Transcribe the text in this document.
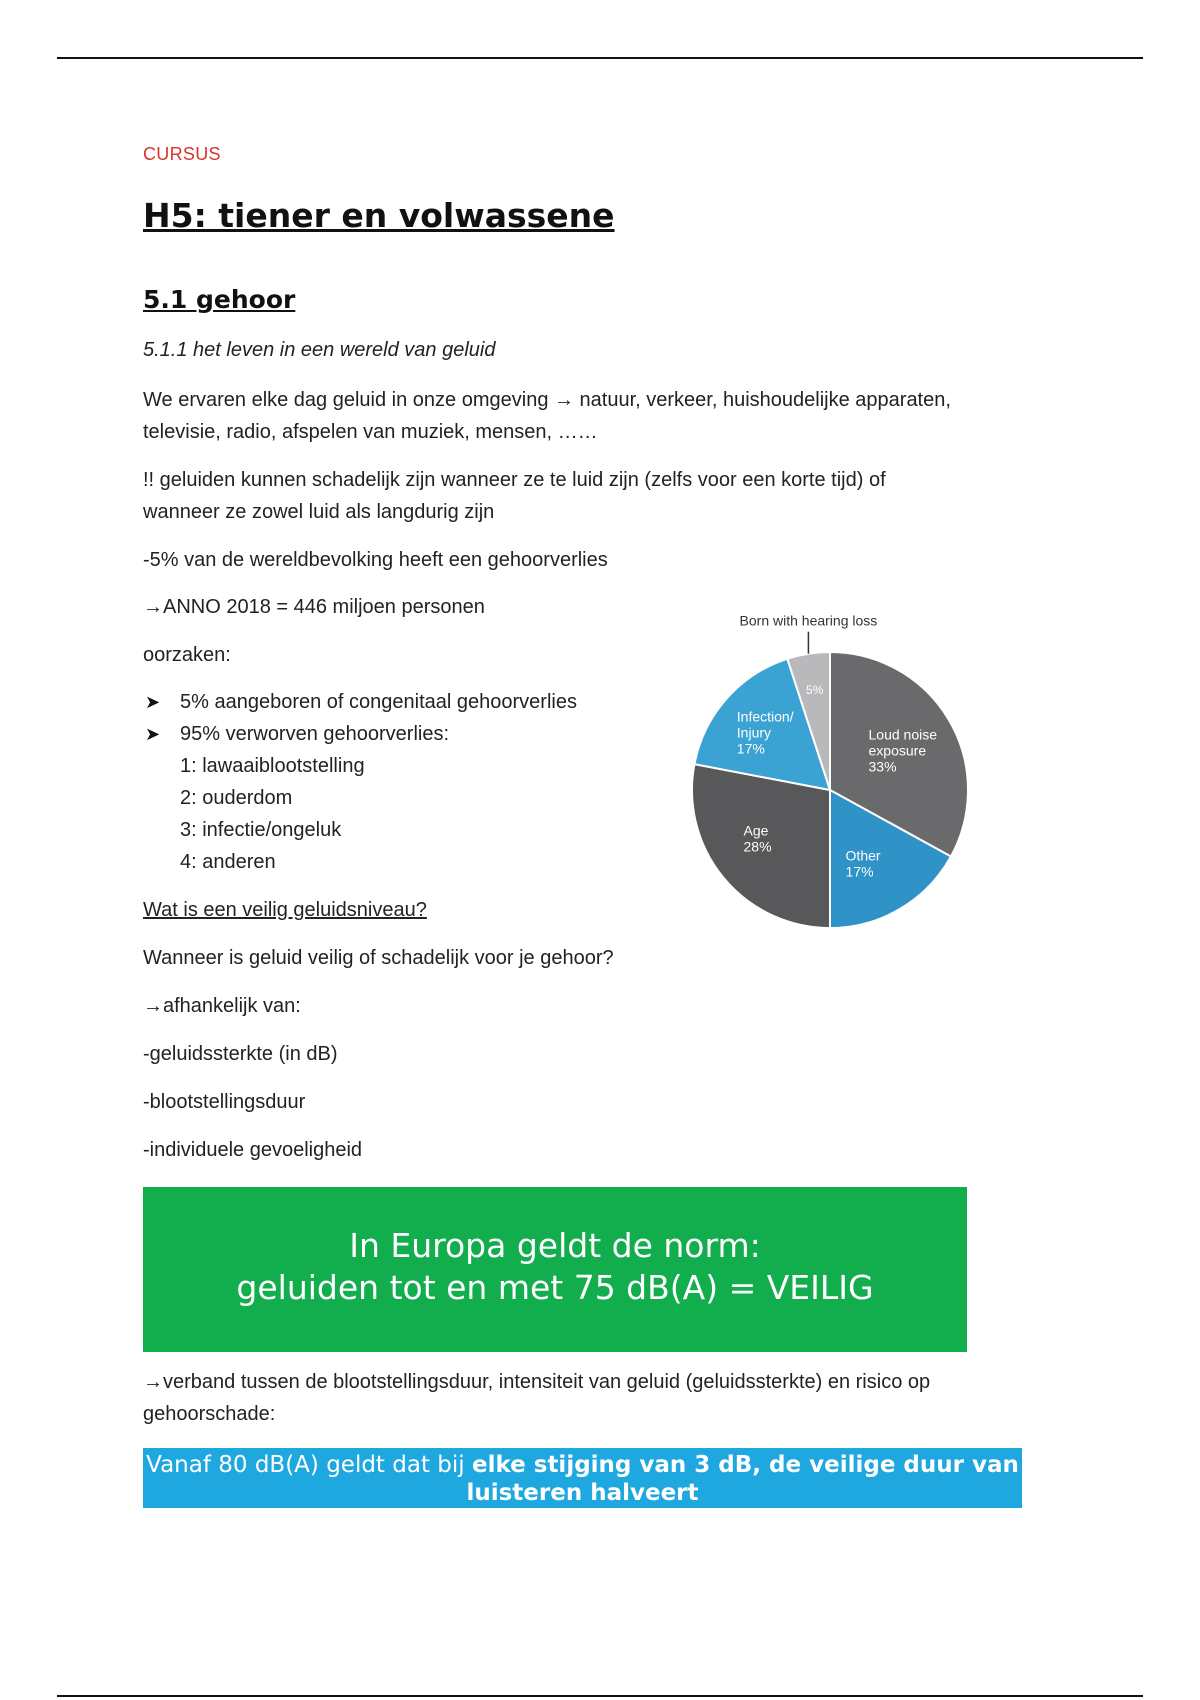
CURSUS
H5: tiener en volwassene
5.1 gehoor
5.1.1 het leven in een wereld van geluid
We ervaren elke dag geluid in onze omgeving → natuur, verkeer, huishoudelijke apparaten,
televisie, radio, afspelen van muziek, mensen, ……
!! geluiden kunnen schadelijk zijn wanneer ze te luid zijn (zelfs voor een korte tijd) of
wanneer ze zowel luid als langdurig zijn
-5% van de wereldbevolking heeft een gehoorverlies
→ANNO 2018 = 446 miljoen personen
oorzaken:
➤ 5% aangeboren of congenitaal gehoorverlies
➤ 95% verworven gehoorverlies:
1: lawaaiblootstelling
2: ouderdom
3: infectie/ongeluk
4: anderen
Wat is een veilig geluidsniveau?
Wanneer is geluid veilig of schadelijk voor je gehoor?
→afhankelijk van:
-geluidssterkte (in dB)
-blootstellingsduur
-individuele gevoeligheid
→verband tussen de blootstellingsduur, intensiteit van geluid (geluidssterkte) en risico op
gehoorschade:
Loud noise exposure 33%
Other 17%
Age 28%
Infection/ Injury 17%
5%
Born with hearing loss
In Europa geldt de norm:
geluiden tot en met 75 dB(A) = VEILIG
Vanaf 80 dB(A) geldt dat bij elke stijging van 3 dB, de veilige duur van luisteren halveert
